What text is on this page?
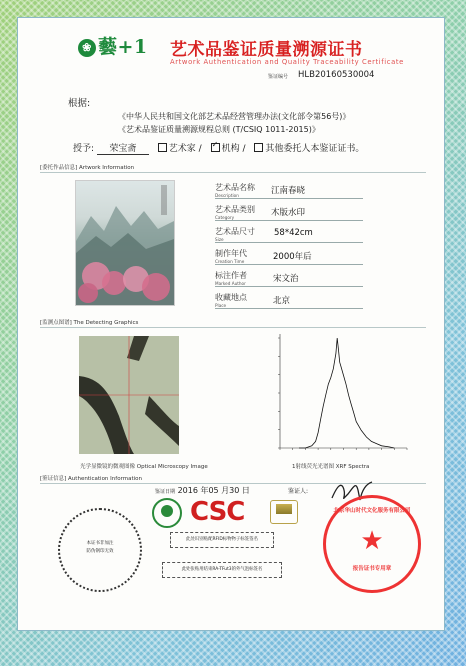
❀ 藝+1 艺术品鉴证质量溯源证书
Artwork Authentication and Quality Traceability Certificate
鉴证编号 HLB20160530004
根据:
《中华人民共和国文化部艺术品经营管理办法(文化部令第56号)》
《艺术品鉴证质量溯源规程总则 (T/CSIQ 1011-2015)》
授予: 荣宝斋	艺术家 / ✓ 机构 / 其他委托人本鉴证证书。
[委托作品信息] Artwork Information
艺术品名称
Description	江南春晓
艺术品类别
Category	木版水印
艺术品尺寸
Size
58*42cm
制作年代
Creation Time	2000年后
标注作者
Marked Author	宋文治
收藏地点
Place	北京
[监测点图谱] The Detecting Graphics
光学显微镜的微观图像 Optical Microscopy Image	1射线荧光光谱图 XRF Spectra
[鉴证信息] Authentication Information
鉴证日期 2016 年05 月30 日	鉴证人:
本证书非加注
防伪钢印无效
CSC
此处识别贴配RFID标物物子标签签名
此处张贴用结束RA-TFut3的外气泡标签名
北京华山时代文化服务有限公司
★
报告证书专用章
